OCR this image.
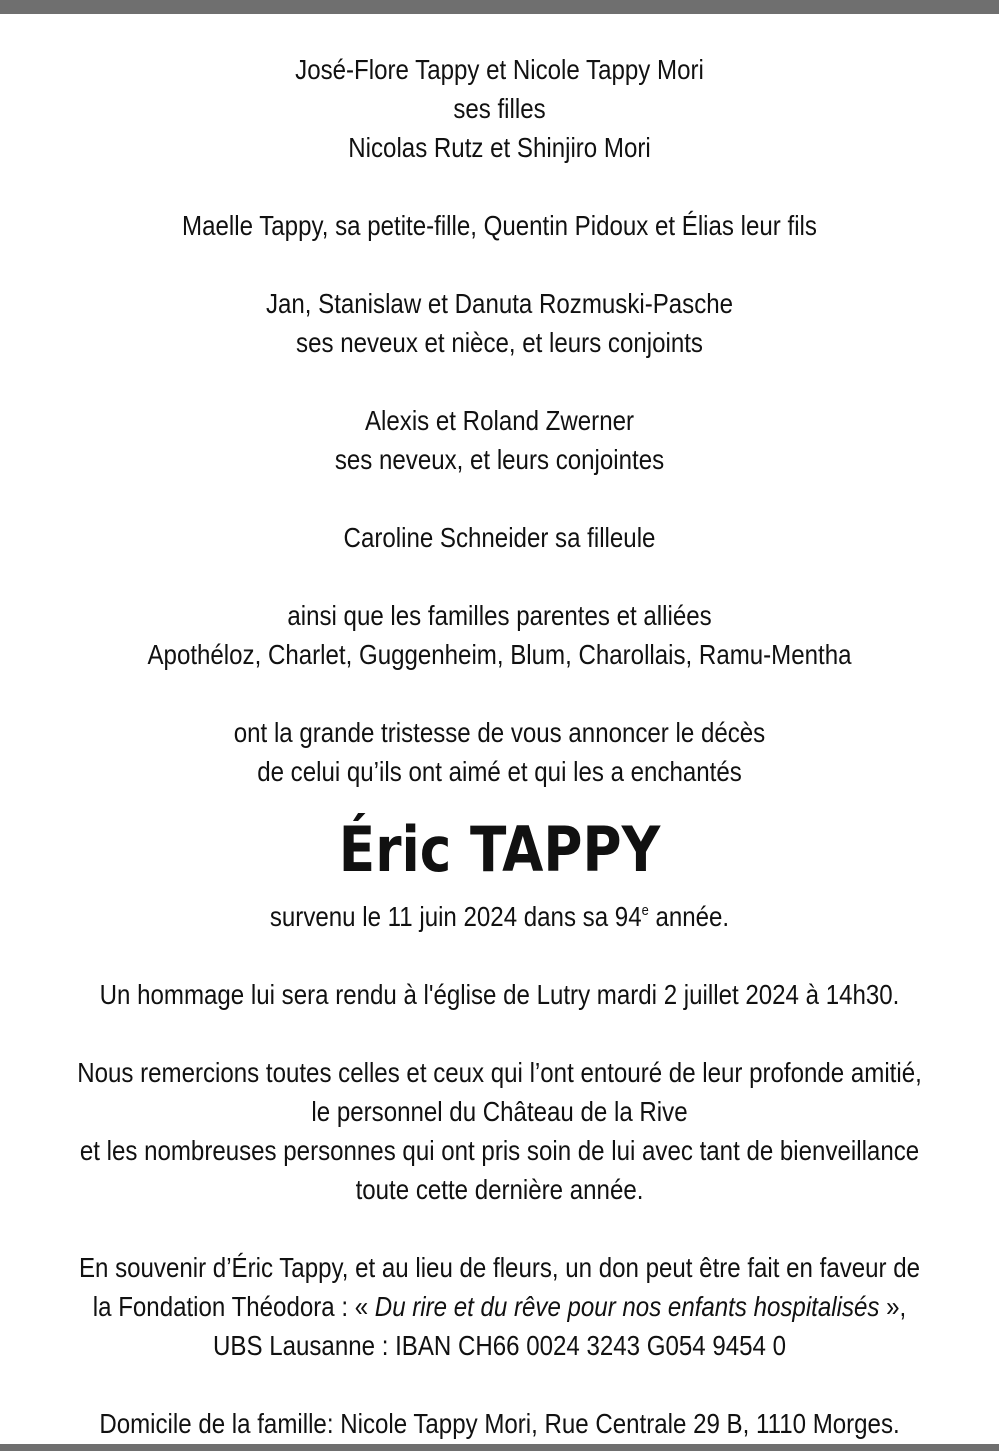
José-Flore Tappy et Nicole Tappy Mori
ses filles
Nicolas Rutz et Shinjiro Mori
Maelle Tappy, sa petite-fille, Quentin Pidoux et Élias leur fils
Jan, Stanislaw et Danuta Rozmuski-Pasche
ses neveux et nièce, et leurs conjoints
Alexis et Roland Zwerner
ses neveux, et leurs conjointes
Caroline Schneider sa filleule
ainsi que les familles parentes et alliées
Apothéloz, Charlet, Guggenheim, Blum, Charollais, Ramu-Mentha
ont la grande tristesse de vous annoncer le décès
de celui qu’ils ont aimé et qui les a enchantés
Éric TAPPY
survenu le 11 juin 2024 dans sa 94e année.
Un hommage lui sera rendu à l'église de Lutry mardi 2 juillet 2024 à 14h30.
Nous remercions toutes celles et ceux qui l’ont entouré de leur profonde amitié,
le personnel du Château de la Rive
et les nombreuses personnes qui ont pris soin de lui avec tant de bienveillance
toute cette dernière année.
En souvenir d’Éric Tappy, et au lieu de fleurs, un don peut être fait en faveur de
la Fondation Théodora : « Du rire et du rêve pour nos enfants hospitalisés »,
UBS Lausanne : IBAN CH66 0024 3243 G054 9454 0
Domicile de la famille: Nicole Tappy Mori, Rue Centrale 29 B, 1110 Morges.
